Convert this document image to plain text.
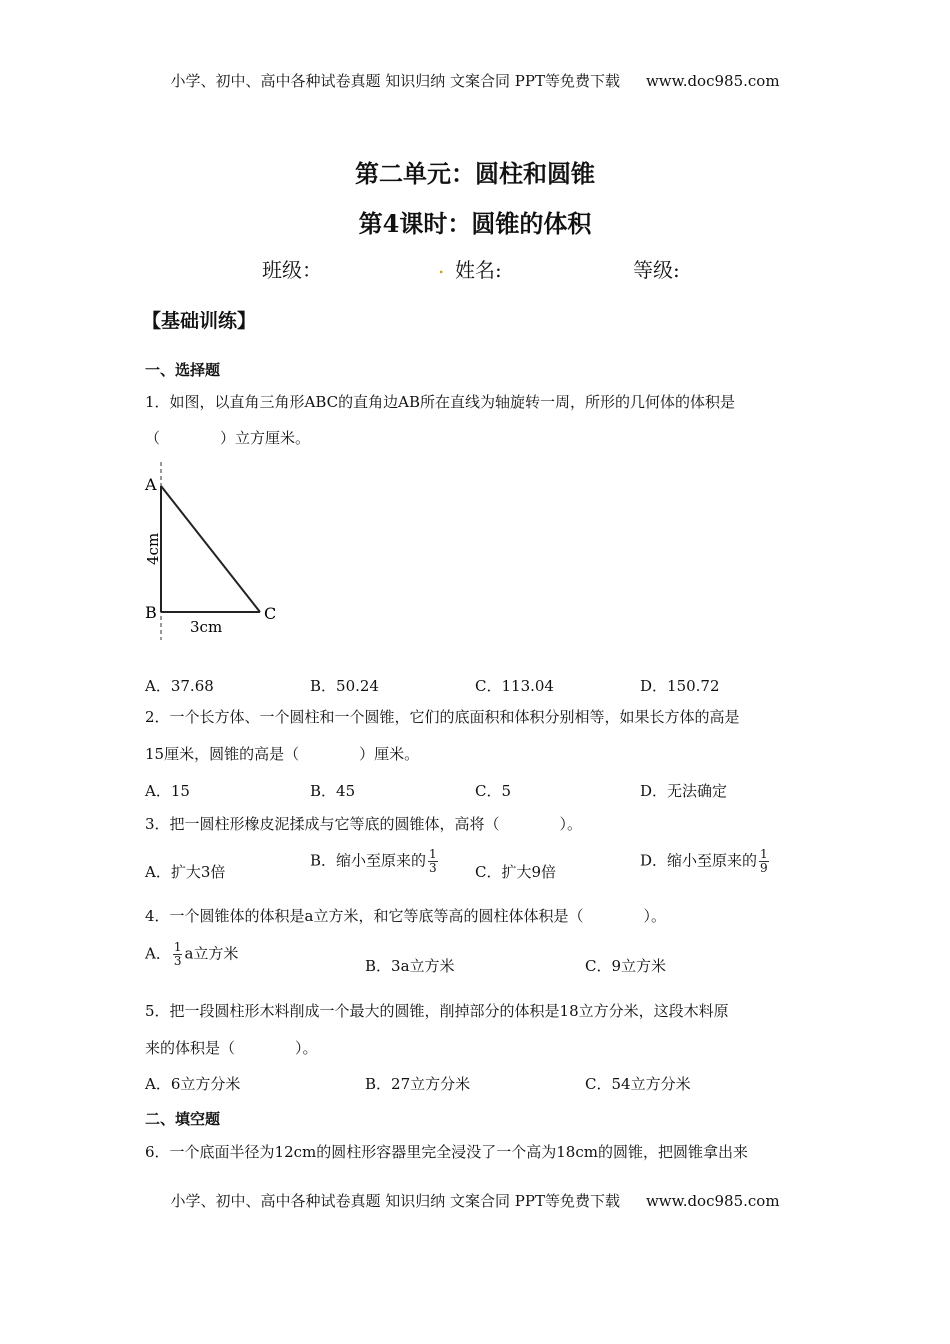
小学、初中、高中各种试卷真题 知识归纳 文案合同 PPT等免费下载 www.doc985.com
第二单元：圆柱和圆锥
第4课时：圆锥的体积
班级：	. 姓名:	等级:
【基础训练】
一、选择题
1．如图，以直角三角形ABC的直角边AB所在直线为轴旋转一周，所形的几何体的体积是
（　　　　）立方厘米。
A
B	C
4cm
3cm
A．37.68	B．50.24	C．113.04	D．150.72
2．一个长方体、一个圆柱和一个圆锥，它们的底面积和体积分别相等，如果长方体的高是
15厘米，圆锥的高是（　　　　）厘米。
A．15	B．45	C．5	D．无法确定
3．把一圆柱形橡皮泥揉成与它等底的圆锥体，高将（　　　　）。
A．扩大3倍
B．缩小至原来的 $\frac{1}{3}$ C．扩大9倍
D．缩小至原来的 $\frac{1}{9}$
4．一个圆锥体的体积是a立方米，和它等底等高的圆柱体体积是（　　　　）。
A． $\frac{1}{3}$ a立方米
B．3a立方米	C．9立方米
5．把一段圆柱形木料削成一个最大的圆锥，削掉部分的体积是18立方分米，这段木料原
来的体积是（　　　　）。
A．6立方分米	B．27立方分米	C．54立方分米
二、填空题
6．一个底面半径为12cm的圆柱形容器里完全浸没了一个高为18cm的圆锥，把圆锥拿出来
小学、初中、高中各种试卷真题 知识归纳 文案合同 PPT等免费下载 www.doc985.com
